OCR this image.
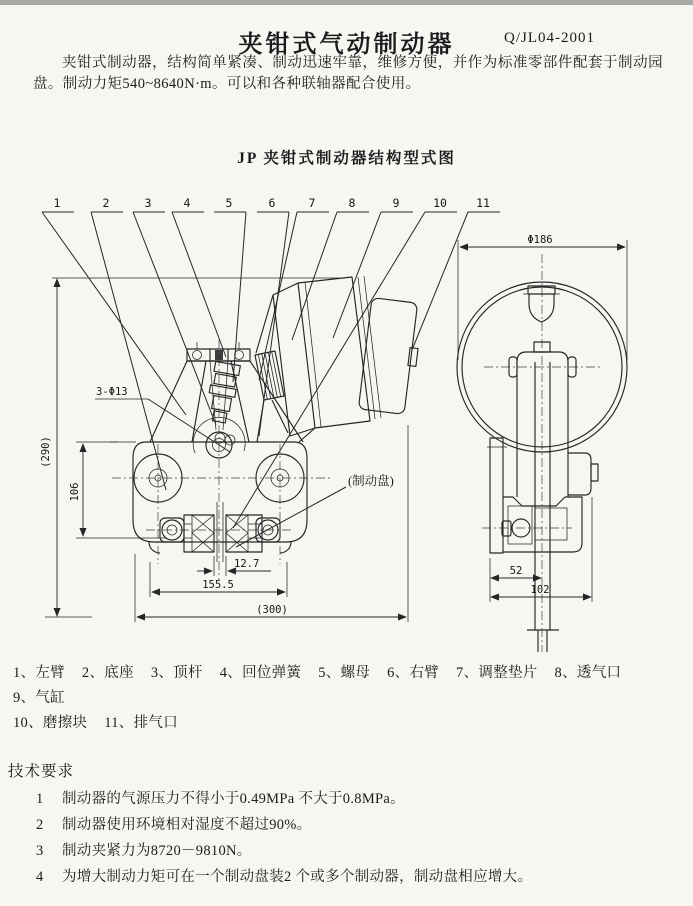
夹钳式气动制动器	Q/JL04-2001

夹钳式制动器，结构简单紧凑、制动迅速牢靠，维修方便，并作为标准零部件配套于制动园盘。制动力矩540~8640N·m。可以和各种联轴器配合使用。

JP 夹钳式制动器结构型式图
1	2	3	4	5	6	7	8	9	10	11
(290)
106
12.7
155.5
(300)
3-Φ13
(制动盘)
Φ186
52
102
1、左臂 2、底座 3、顶杆 4、回位弹簧 5、螺母 6、右臂 7、调整垫片 8、透气口 9、气缸
10、磨擦块 11、排气口
技术要求

1 制动器的气源压力不得小于0.49MPa 不大于0.8MPa。

2 制动器使用环境相对湿度不超过90%。

3 制动夹紧力为8720－9810N。

4 为增大制动力矩可在一个制动盘装2 个或多个制动器，制动盘相应增大。
